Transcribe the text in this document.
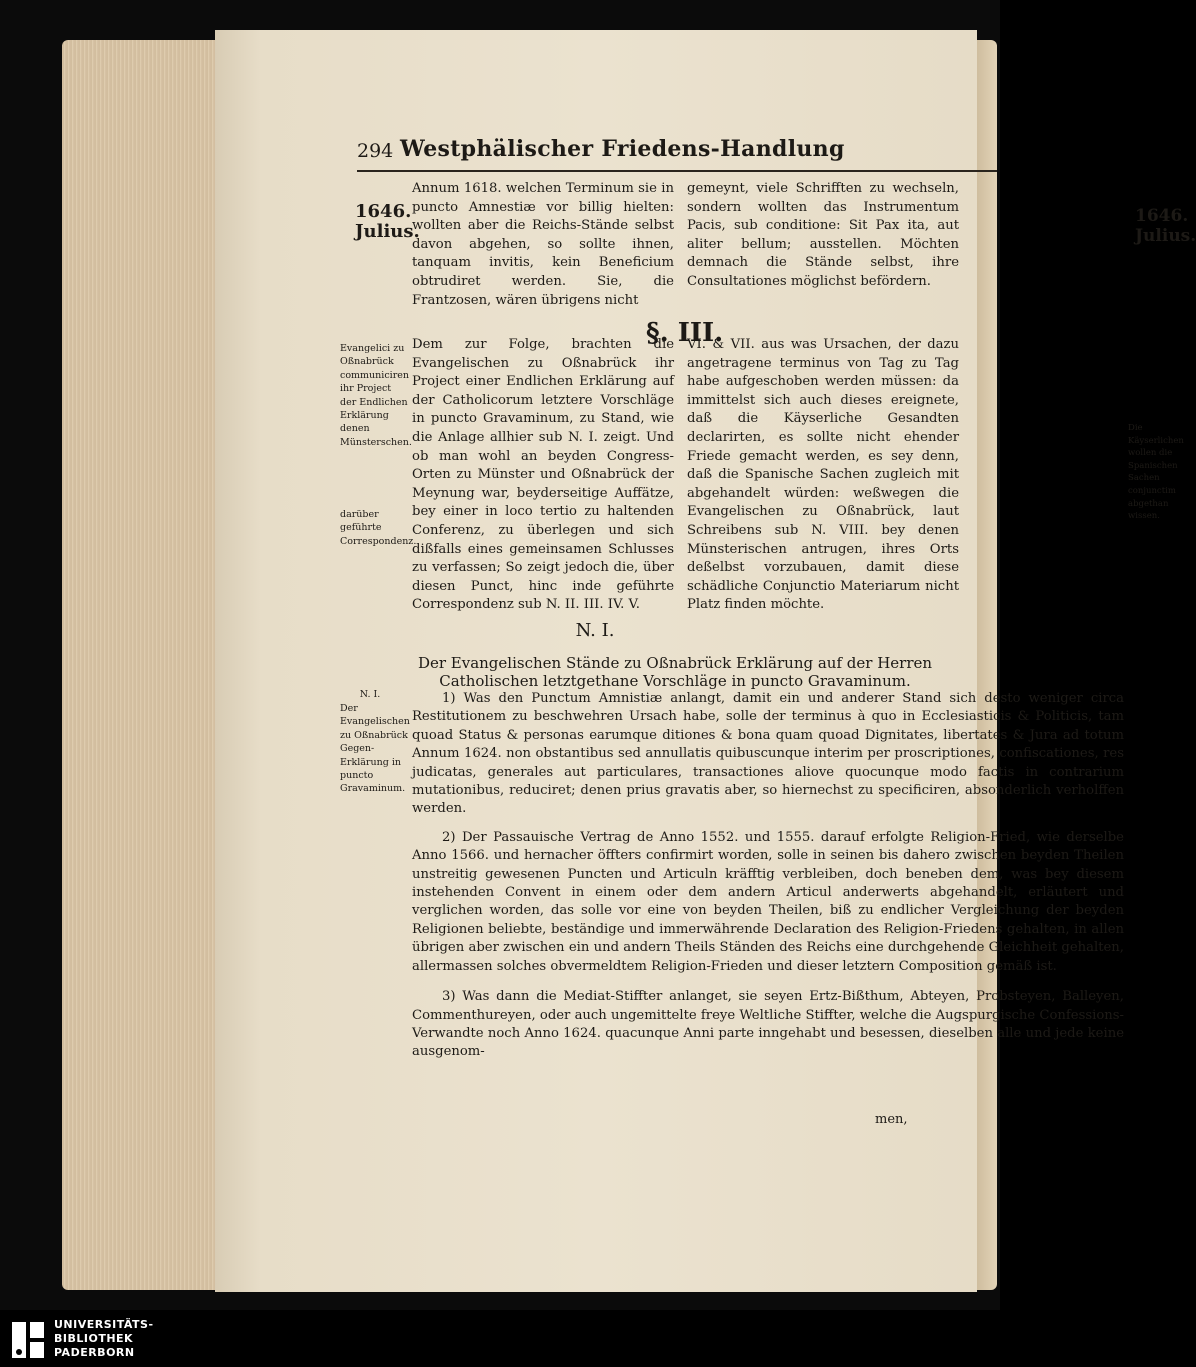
294 Westphälischer Friedens-Handlung
1646.
Julius.
1646.
Julius.

Annum 1618. welchen Terminum sie in puncto Amnestiæ vor billig hielten: wollten aber die Reichs-Stände selbst davon abgehen, so sollte ihnen, tanquam invitis, kein Beneficium obtrudiret werden. Sie, die Frantzosen, wären übrigens nicht

gemeynt, viele Schrifften zu wechseln, sondern wollten das Instrumentum Pacis, sub conditione: Sit Pax ita, aut aliter bellum; ausstellen. Möchten demnach die Stände selbst, ihre Consultationes möglichst befördern.

§. III.
Evangelici zu Oßnabrück communiciren ihr Project der Endlichen Erklärung denen Münsterschen.
darüber geführte Correspondenz.
Die Käyserlichen wollen die Spanischen Sachen conjunctim abgethan wissen.

Dem zur Folge, brachten die Evangelischen zu Oßnabrück ihr Project einer Endlichen Erklärung auf der Catholicorum letztere Vorschläge in puncto Gravaminum, zu Stand, wie die Anlage allhier sub N. I. zeigt. Und ob man wohl an beyden Congress-Orten zu Münster und Oßnabrück der Meynung war, beyderseitige Auffätze, bey einer in loco tertio zu haltenden Conferenz, zu überlegen und sich dißfalls eines gemeinsamen Schlusses zu verfassen; So zeigt jedoch die, über diesen Punct, hinc inde geführte Correspondenz sub N. II. III. IV. V.

VI. & VII. aus was Ursachen, der dazu angetragene terminus von Tag zu Tag habe aufgeschoben werden müssen: da immittelst sich auch dieses ereignete, daß die Käyserliche Gesandten declarirten, es sollte nicht ehender Friede gemacht werden, es sey denn, daß die Spanische Sachen zugleich mit abgehandelt würden: weßwegen die Evangelischen zu Oßnabrück, laut Schreibens sub N. VIII. bey denen Münsterischen antrugen, ihres Orts deßelbst vorzubauen, damit diese schädliche Conjunctio Materiarum nicht Platz finden möchte.

N. I.
Der Evangelischen Stände zu Oßnabrück Erklärung auf der Herren Catholischen letztgethane Vorschläge in puncto Gravaminum.
N. I.
Der Evangelischen zu Oßnabrück Gegen-Erklärung in puncto Gravaminum.

1) Was den Punctum Amnistiæ anlangt, damit ein und anderer Stand sich desto weniger circa Restitutionem zu beschwehren Ursach habe, solle der terminus à quo in Ecclesiasticis & Politicis, tam quoad Status & personas earumque ditiones & bona quam quoad Dignitates, libertates & Jura ad totum Annum 1624. non obstantibus sed annullatis quibuscunque interim per proscriptiones, confiscationes, res judicatas, generales aut particulares, transactiones aliove quocunque modo factis in contrarium mutationibus, reduciret; denen prius gravatis aber, so hiernechst zu specificiren, absonderlich verholffen werden.

2) Der Passauische Vertrag de Anno 1552. und 1555. darauf erfolgte Religion-Fried, wie derselbe Anno 1566. und hernacher öffters confirmirt worden, solle in seinen bis dahero zwischen beyden Theilen unstreitig gewesenen Puncten und Articuln kräfftig verbleiben, doch beneben dem, was bey diesem instehenden Convent in einem oder dem andern Articul anderwerts abgehandelt, erläutert und verglichen worden, das solle vor eine von beyden Theilen, biß zu endlicher Vergleichung der beyden Religionen beliebte, beständige und immerwährende Declaration des Religion-Friedens gehalten, in allen übrigen aber zwischen ein und andern Theils Ständen des Reichs eine durchgehende Gleichheit gehalten, allermassen solches obvermeldtem Religion-Frieden und dieser letztern Composition gemäß ist.

3) Was dann die Mediat-Stiffter anlanget, sie seyen Ertz-Bißthum, Abteyen, Probsteyen, Balleyen, Commenthureyen, oder auch ungemittelte freye Weltliche Stiffter, welche die Augspurgische Confessions-Verwandte noch Anno 1624. quacunque Anni parte inngehabt und besessen, dieselben alle und jede keine ausgenom-

men,
UNIVERSITÄTS-
BIBLIOTHEK
PADERBORN
